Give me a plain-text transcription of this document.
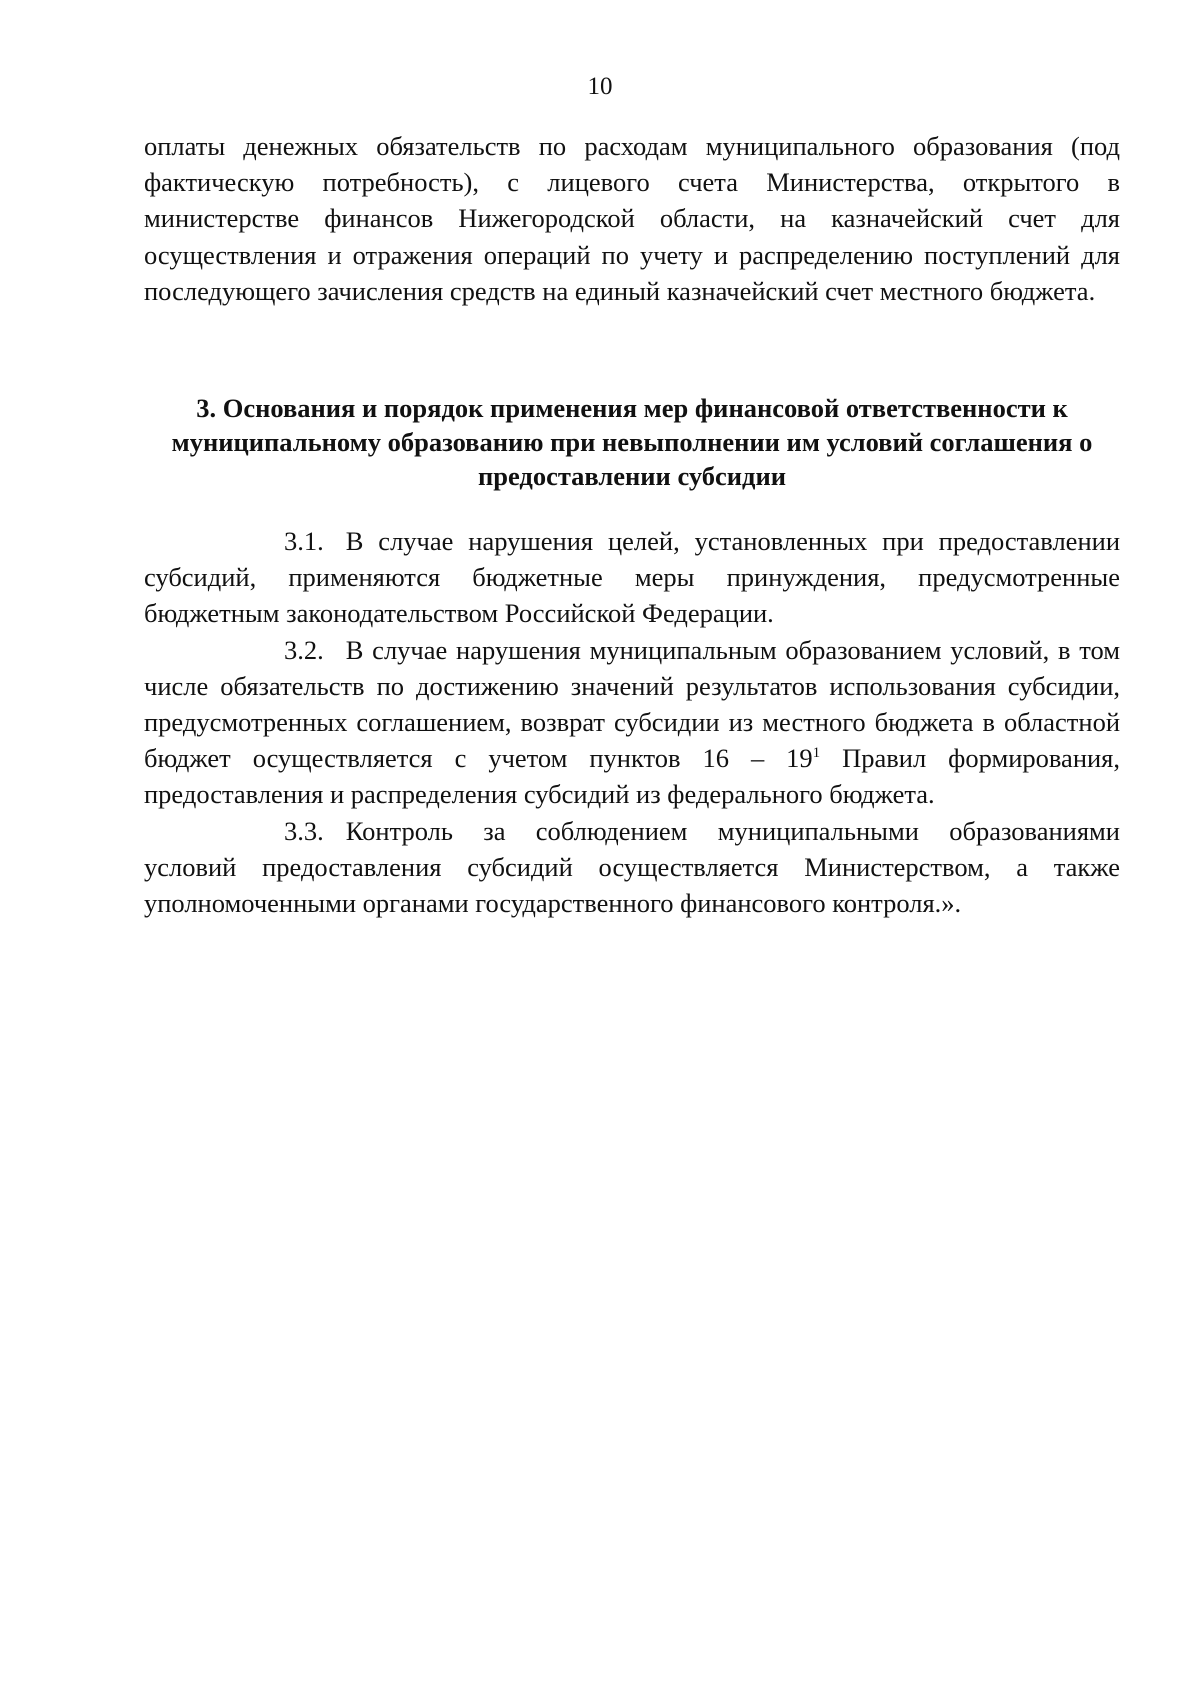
10

оплаты денежных обязательств по расходам муниципального образования (под фактическую потребность), с лицевого счета Министерства, открытого в министерстве финансов Нижегородской области, на казначейский счет для осуществления и отражения операций по учету и распределению поступлений для последующего зачисления средств на единый казначейский счет местного бюджета.

3. Основания и порядок применения мер финансовой ответственности к муниципальному образованию при невыполнении им условий соглашения о предоставлении субсидии

3.1. В случае нарушения целей, установленных при предоставлении субсидий, применяются бюджетные меры принуждения, предусмотренные бюджетным законодательством Российской Федерации.

3.2. В случае нарушения муниципальным образованием условий, в том числе обязательств по достижению значений результатов использования субсидии, предусмотренных соглашением, возврат субсидии из местного бюджета в областной бюджет осуществляется с учетом пунктов $16 - 19^1$ Правил формирования, предоставления и распределения субсидий из федерального бюджета.

3.3. Контроль за соблюдением муниципальными образованиями условий предоставления субсидий осуществляется Министерством, а также уполномоченными органами государственного финансового контроля.».
